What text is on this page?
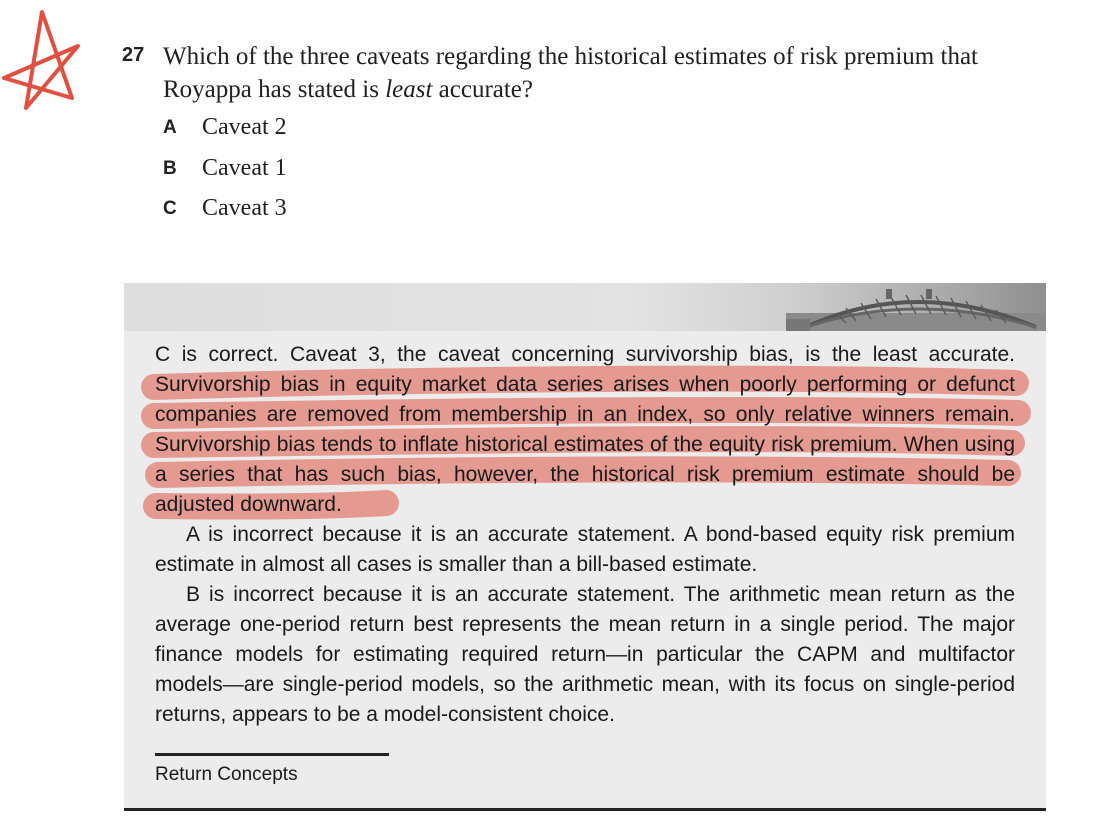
27 Which of the three caveats regarding the historical estimates of risk premium that Royappa has stated is least accurate?
A Caveat 2
B Caveat 1
C Caveat 3

C is correct. Caveat 3, the caveat concerning survivorship bias, is the least accurate. Survivorship bias in equity market data series arises when poorly performing or defunct companies are removed from membership in an index, so only relative winners remain. Survivorship bias tends to inflate historical estimates of the equity risk premium. When using a series that has such bias, however, the historical risk premium estimate should be adjusted downward.

A is incorrect because it is an accurate statement. A bond-based equity risk premium estimate in almost all cases is smaller than a bill-based estimate.

B is incorrect because it is an accurate statement. The arithmetic mean return as the average one-period return best represents the mean return in a single period. The major finance models for estimating required return—in particular the CAPM and multifactor models—are single-period models, so the arithmetic mean, with its focus on single-period returns, appears to be a model-consistent choice.

Return Concepts
